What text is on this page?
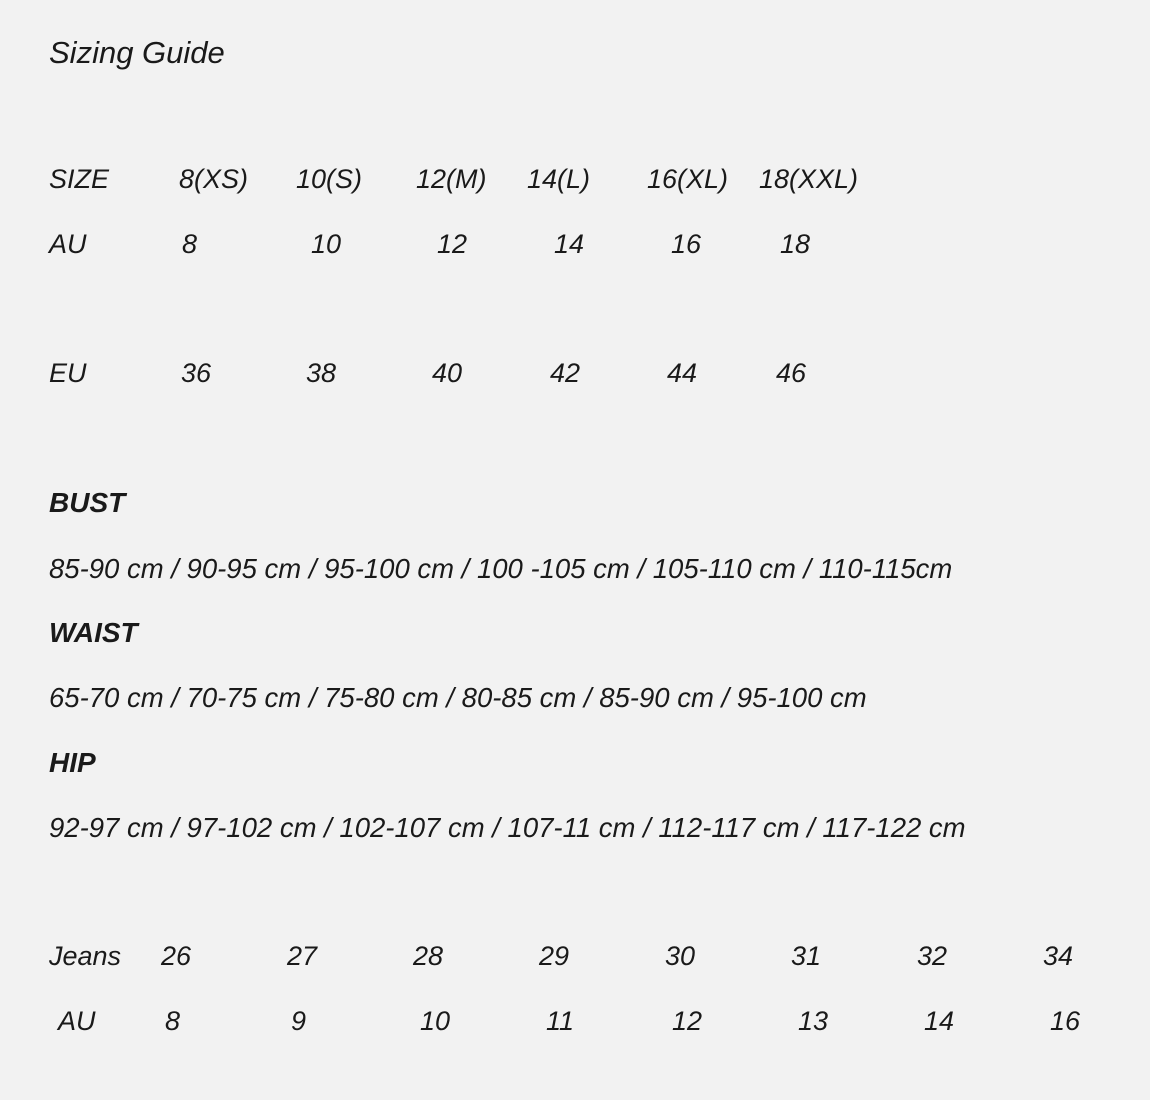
Sizing Guide
SIZE	8(XS) 10(S) 12(M) 14(L) 16(XL) 18(XXL)
AU	8	10	12	14	16	18
EU	36	38	40	42	44	46
BUST
85-90 cm / 90-95 cm / 95-100 cm / 100 -105 cm / 105-110 cm / 110-115cm
WAIST
65-70 cm / 70-75 cm / 75-80 cm / 80-85 cm / 85-90 cm / 95-100 cm
HIP
92-97 cm / 97-102 cm / 102-107 cm / 107-11 cm / 112-117 cm / 117-122 cm
Jeans 26	27	28	29	30	31	32	34
AU	8	9	10	11	12	13	14	16
